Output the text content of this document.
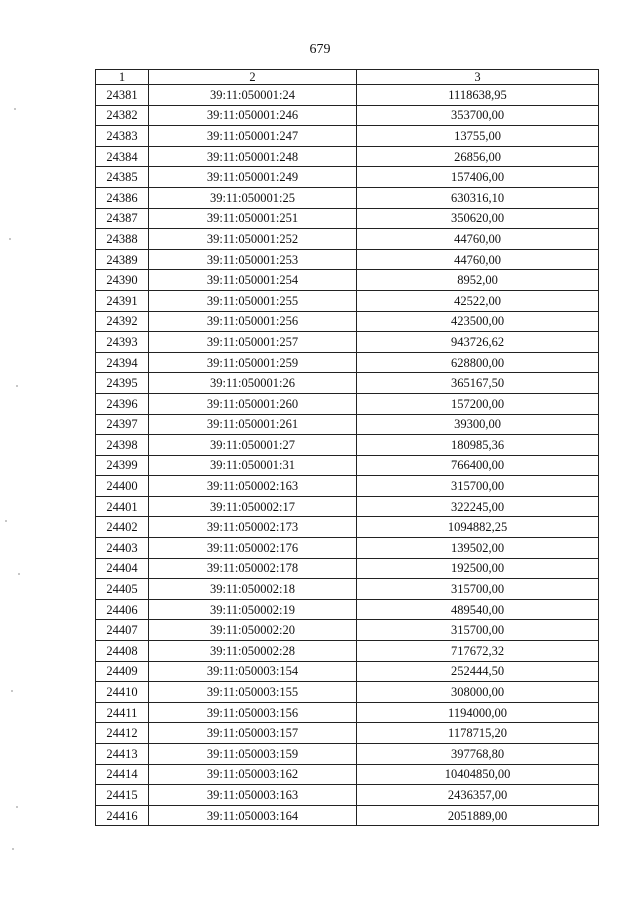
679
1	2	3
24381	39:11:050001:24	1118638,95
24382	39:11:050001:246	353700,00
24383	39:11:050001:247	13755,00
24384	39:11:050001:248	26856,00
24385	39:11:050001:249	157406,00
24386	39:11:050001:25	630316,10
24387	39:11:050001:251	350620,00
24388	39:11:050001:252	44760,00
24389	39:11:050001:253	44760,00
24390	39:11:050001:254	8952,00
24391	39:11:050001:255	42522,00
24392	39:11:050001:256	423500,00
24393	39:11:050001:257	943726,62
24394	39:11:050001:259	628800,00
24395	39:11:050001:26	365167,50
24396	39:11:050001:260	157200,00
24397	39:11:050001:261	39300,00
24398	39:11:050001:27	180985,36
24399	39:11:050001:31	766400,00
24400	39:11:050002:163	315700,00
24401	39:11:050002:17	322245,00
24402	39:11:050002:173	1094882,25
24403	39:11:050002:176	139502,00
24404	39:11:050002:178	192500,00
24405	39:11:050002:18	315700,00
24406	39:11:050002:19	489540,00
24407	39:11:050002:20	315700,00
24408	39:11:050002:28	717672,32
24409	39:11:050003:154	252444,50
24410	39:11:050003:155	308000,00
24411	39:11:050003:156	1194000,00
24412	39:11:050003:157	1178715,20
24413	39:11:050003:159	397768,80
24414	39:11:050003:162	10404850,00
24415	39:11:050003:163	2436357,00
24416	39:11:050003:164	2051889,00
